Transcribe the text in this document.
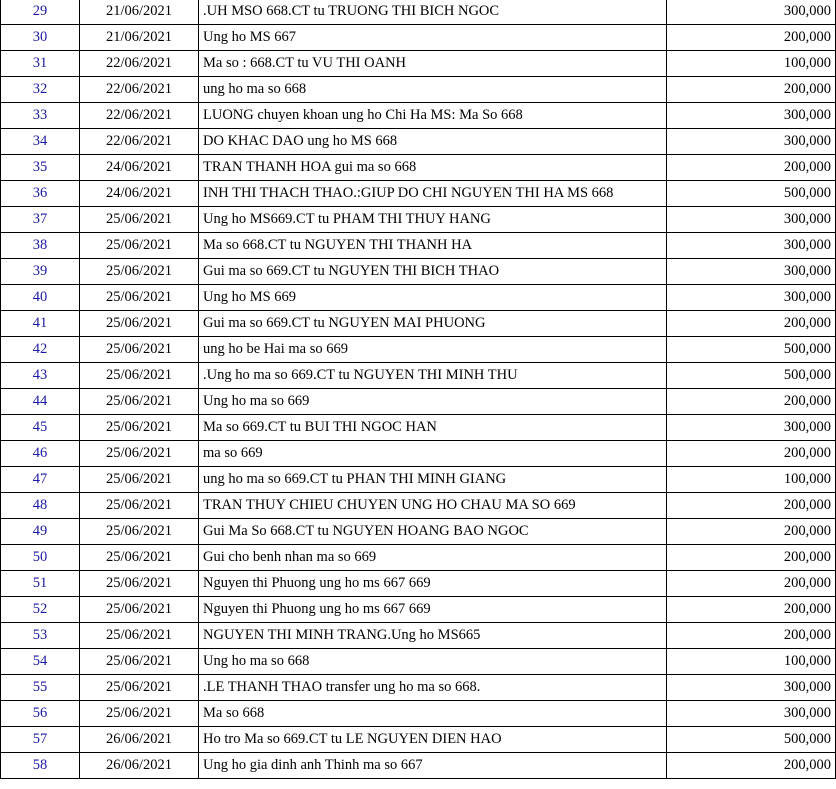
29	21/06/2021	.UH MSO 668.CT tu TRUONG THI BICH NGOC	300,000
30	21/06/2021	Ung ho MS 667	200,000
31	22/06/2021	Ma so : 668.CT tu VU THI OANH	100,000
32	22/06/2021	ung ho ma so 668	200,000
33	22/06/2021	LUONG chuyen khoan ung ho Chi Ha MS: Ma So 668	300,000
34	22/06/2021	DO KHAC DAO ung ho MS 668	300,000
35	24/06/2021	TRAN THANH HOA gui ma so 668	200,000
36	24/06/2021	INH THI THACH THAO.:GIUP DO CHI NGUYEN THI HA MS 668	500,000
37	25/06/2021	Ung ho MS669.CT tu PHAM THI THUY HANG	300,000
38	25/06/2021	Ma so 668.CT tu NGUYEN THI THANH HA	300,000
39	25/06/2021	Gui ma so 669.CT tu NGUYEN THI BICH THAO	300,000
40	25/06/2021	Ung ho MS 669	300,000
41	25/06/2021	Gui ma so 669.CT tu NGUYEN MAI PHUONG	200,000
42	25/06/2021	ung ho be Hai ma so 669	500,000
43	25/06/2021	.Ung ho ma so 669.CT tu NGUYEN THI MINH THU	500,000
44	25/06/2021	Ung ho ma so 669	200,000
45	25/06/2021	Ma so 669.CT tu BUI THI NGOC HAN	300,000
46	25/06/2021	ma so 669	200,000
47	25/06/2021	ung ho ma so 669.CT tu PHAN THI MINH GIANG	100,000
48	25/06/2021	TRAN THUY CHIEU CHUYEN UNG HO CHAU MA SO 669	200,000
49	25/06/2021	Gui Ma So 668.CT tu NGUYEN HOANG BAO NGOC	200,000
50	25/06/2021	Gui cho benh nhan ma so 669	200,000
51	25/06/2021	Nguyen thi Phuong ung ho ms 667 669	200,000
52	25/06/2021	Nguyen thi Phuong ung ho ms 667 669	200,000
53	25/06/2021	NGUYEN THI MINH TRANG.Ung ho MS665	200,000
54	25/06/2021	Ung ho ma so 668	100,000
55	25/06/2021	.LE THANH THAO transfer ung ho ma so 668.	300,000
56	25/06/2021	Ma so 668	300,000
57	26/06/2021	Ho tro Ma so 669.CT tu LE NGUYEN DIEN HAO	500,000
58	26/06/2021	Ung ho gia dinh anh Thinh ma so 667	200,000
